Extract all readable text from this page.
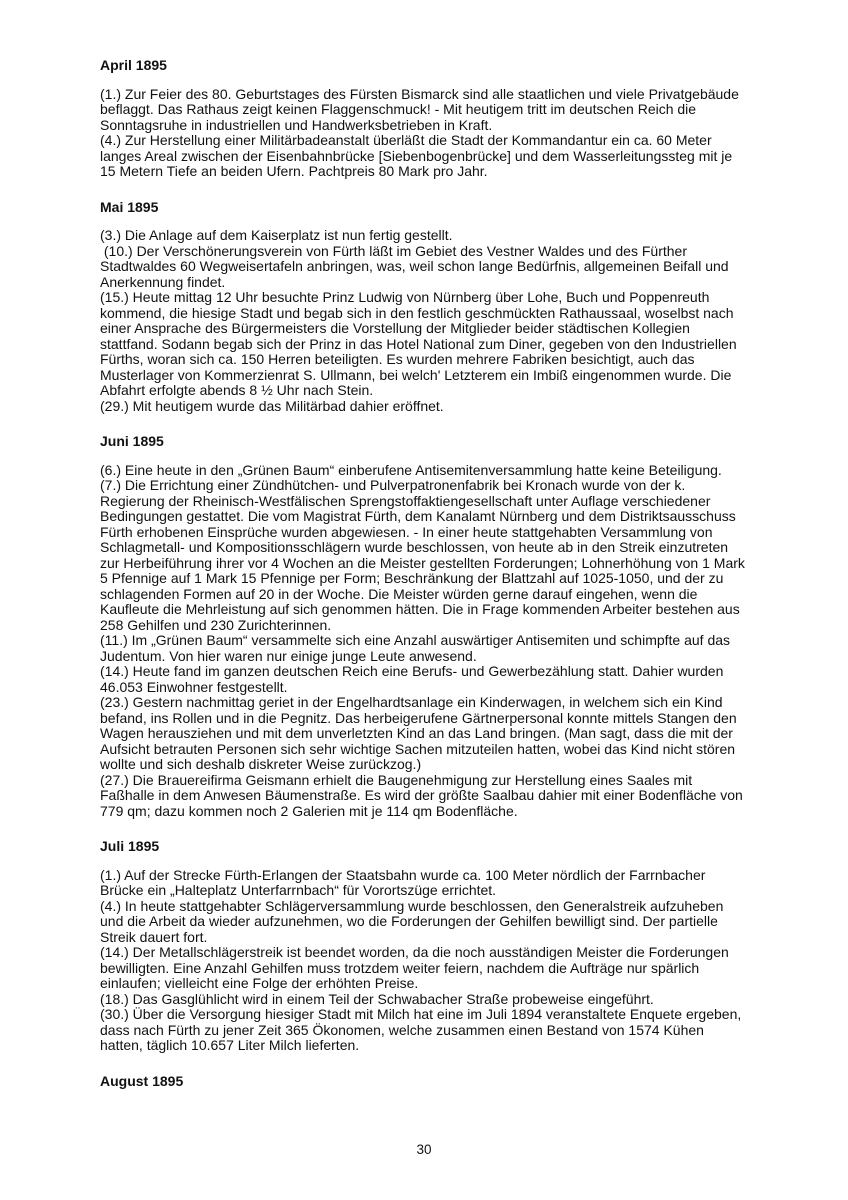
April 1895

(1.) Zur Feier des 80. Geburtstages des Fürsten Bismarck sind alle staatlichen und viele Privatgebäude beflaggt. Das Rathaus zeigt keinen Flaggenschmuck! - Mit heutigem tritt im deutschen Reich die Sonntagsruhe in industriellen und Handwerksbetrieben in Kraft.

(4.) Zur Herstellung einer Militärbadeanstalt überläßt die Stadt der Kommandantur ein ca. 60 Meter langes Areal zwischen der Eisenbahnbrücke [Siebenbogenbrücke] und dem Wasserleitungssteg mit je 15 Metern Tiefe an beiden Ufern. Pachtpreis 80 Mark pro Jahr.

Mai 1895

(3.) Die Anlage auf dem Kaiserplatz ist nun fertig gestellt.

(10.) Der Verschönerungsverein von Fürth läßt im Gebiet des Vestner Waldes und des Fürther Stadtwaldes 60 Wegweisertafeln anbringen, was, weil schon lange Bedürfnis, allgemeinen Beifall und Anerkennung findet.

(15.) Heute mittag 12 Uhr besuchte Prinz Ludwig von Nürnberg über Lohe, Buch und Poppenreuth kommend, die hiesige Stadt und begab sich in den festlich geschmückten Rathaussaal, woselbst nach einer Ansprache des Bürgermeisters die Vorstellung der Mitglieder beider städtischen Kollegien stattfand. Sodann begab sich der Prinz in das Hotel National zum Diner, gegeben von den Industriellen Fürths, woran sich ca. 150 Herren beteiligten. Es wurden mehrere Fabriken besichtigt, auch das Musterlager von Kommerzienrat S. Ullmann, bei welch' Letzterem ein Imbiß eingenommen wurde. Die Abfahrt erfolgte abends 8 ½ Uhr nach Stein.

(29.) Mit heutigem wurde das Militärbad dahier eröffnet.

Juni 1895

(6.) Eine heute in den „Grünen Baum“ einberufene Antisemitenversammlung hatte keine Beteiligung.

(7.) Die Errichtung einer Zündhütchen- und Pulverpatronenfabrik bei Kronach wurde von der k. Regierung der Rheinisch-Westfälischen Sprengstoffaktiengesellschaft unter Auflage verschiedener Bedingungen gestattet. Die vom Magistrat Fürth, dem Kanalamt Nürnberg und dem Distriktsausschuss Fürth erhobenen Einsprüche wurden abgewiesen. - In einer heute stattgehabten Versammlung von Schlagmetall- und Kompositionsschlägern wurde beschlossen, von heute ab in den Streik einzutreten zur Herbeiführung ihrer vor 4 Wochen an die Meister gestellten Forderungen; Lohnerhöhung von 1 Mark 5 Pfennige auf 1 Mark 15 Pfennige per Form; Beschränkung der Blattzahl auf 1025-1050, und der zu schlagenden Formen auf 20 in der Woche. Die Meister würden gerne darauf eingehen, wenn die Kaufleute die Mehrleistung auf sich genommen hätten. Die in Frage kommenden Arbeiter bestehen aus 258 Gehilfen und 230 Zurichterinnen.

(11.) Im „Grünen Baum“ versammelte sich eine Anzahl auswärtiger Antisemiten und schimpfte auf das Judentum. Von hier waren nur einige junge Leute anwesend.

(14.) Heute fand im ganzen deutschen Reich eine Berufs- und Gewerbezählung statt. Dahier wurden 46.053 Einwohner festgestellt.

(23.) Gestern nachmittag geriet in der Engelhardtsanlage ein Kinderwagen, in welchem sich ein Kind befand, ins Rollen und in die Pegnitz. Das herbeigerufene Gärtnerpersonal konnte mittels Stangen den Wagen herausziehen und mit dem unverletzten Kind an das Land bringen. (Man sagt, dass die mit der Aufsicht betrauten Personen sich sehr wichtige Sachen mitzuteilen hatten, wobei das Kind nicht stören wollte und sich deshalb diskreter Weise zurückzog.)

(27.) Die Brauereifirma Geismann erhielt die Baugenehmigung zur Herstellung eines Saales mit Faßhalle in dem Anwesen Bäumenstraße. Es wird der größte Saalbau dahier mit einer Bodenfläche von 779 qm; dazu kommen noch 2 Galerien mit je 114 qm Bodenfläche.

Juli 1895

(1.) Auf der Strecke Fürth-Erlangen der Staatsbahn wurde ca. 100 Meter nördlich der Farrnbacher Brücke ein „Halteplatz Unterfarrnbach“ für Vorortszüge errichtet.

(4.) In heute stattgehabter Schlägerversammlung wurde beschlossen, den Generalstreik aufzuheben und die Arbeit da wieder aufzunehmen, wo die Forderungen der Gehilfen bewilligt sind. Der partielle Streik dauert fort.

(14.) Der Metallschlägerstreik ist beendet worden, da die noch ausständigen Meister die Forderungen bewilligten. Eine Anzahl Gehilfen muss trotzdem weiter feiern, nachdem die Aufträge nur spärlich einlaufen; vielleicht eine Folge der erhöhten Preise.

(18.) Das Gasglühlicht wird in einem Teil der Schwabacher Straße probeweise eingeführt.

(30.) Über die Versorgung hiesiger Stadt mit Milch hat eine im Juli 1894 veranstaltete Enquete ergeben, dass nach Fürth zu jener Zeit 365 Ökonomen, welche zusammen einen Bestand von 1574 Kühen hatten, täglich 10.657 Liter Milch lieferten.

August 1895
30
